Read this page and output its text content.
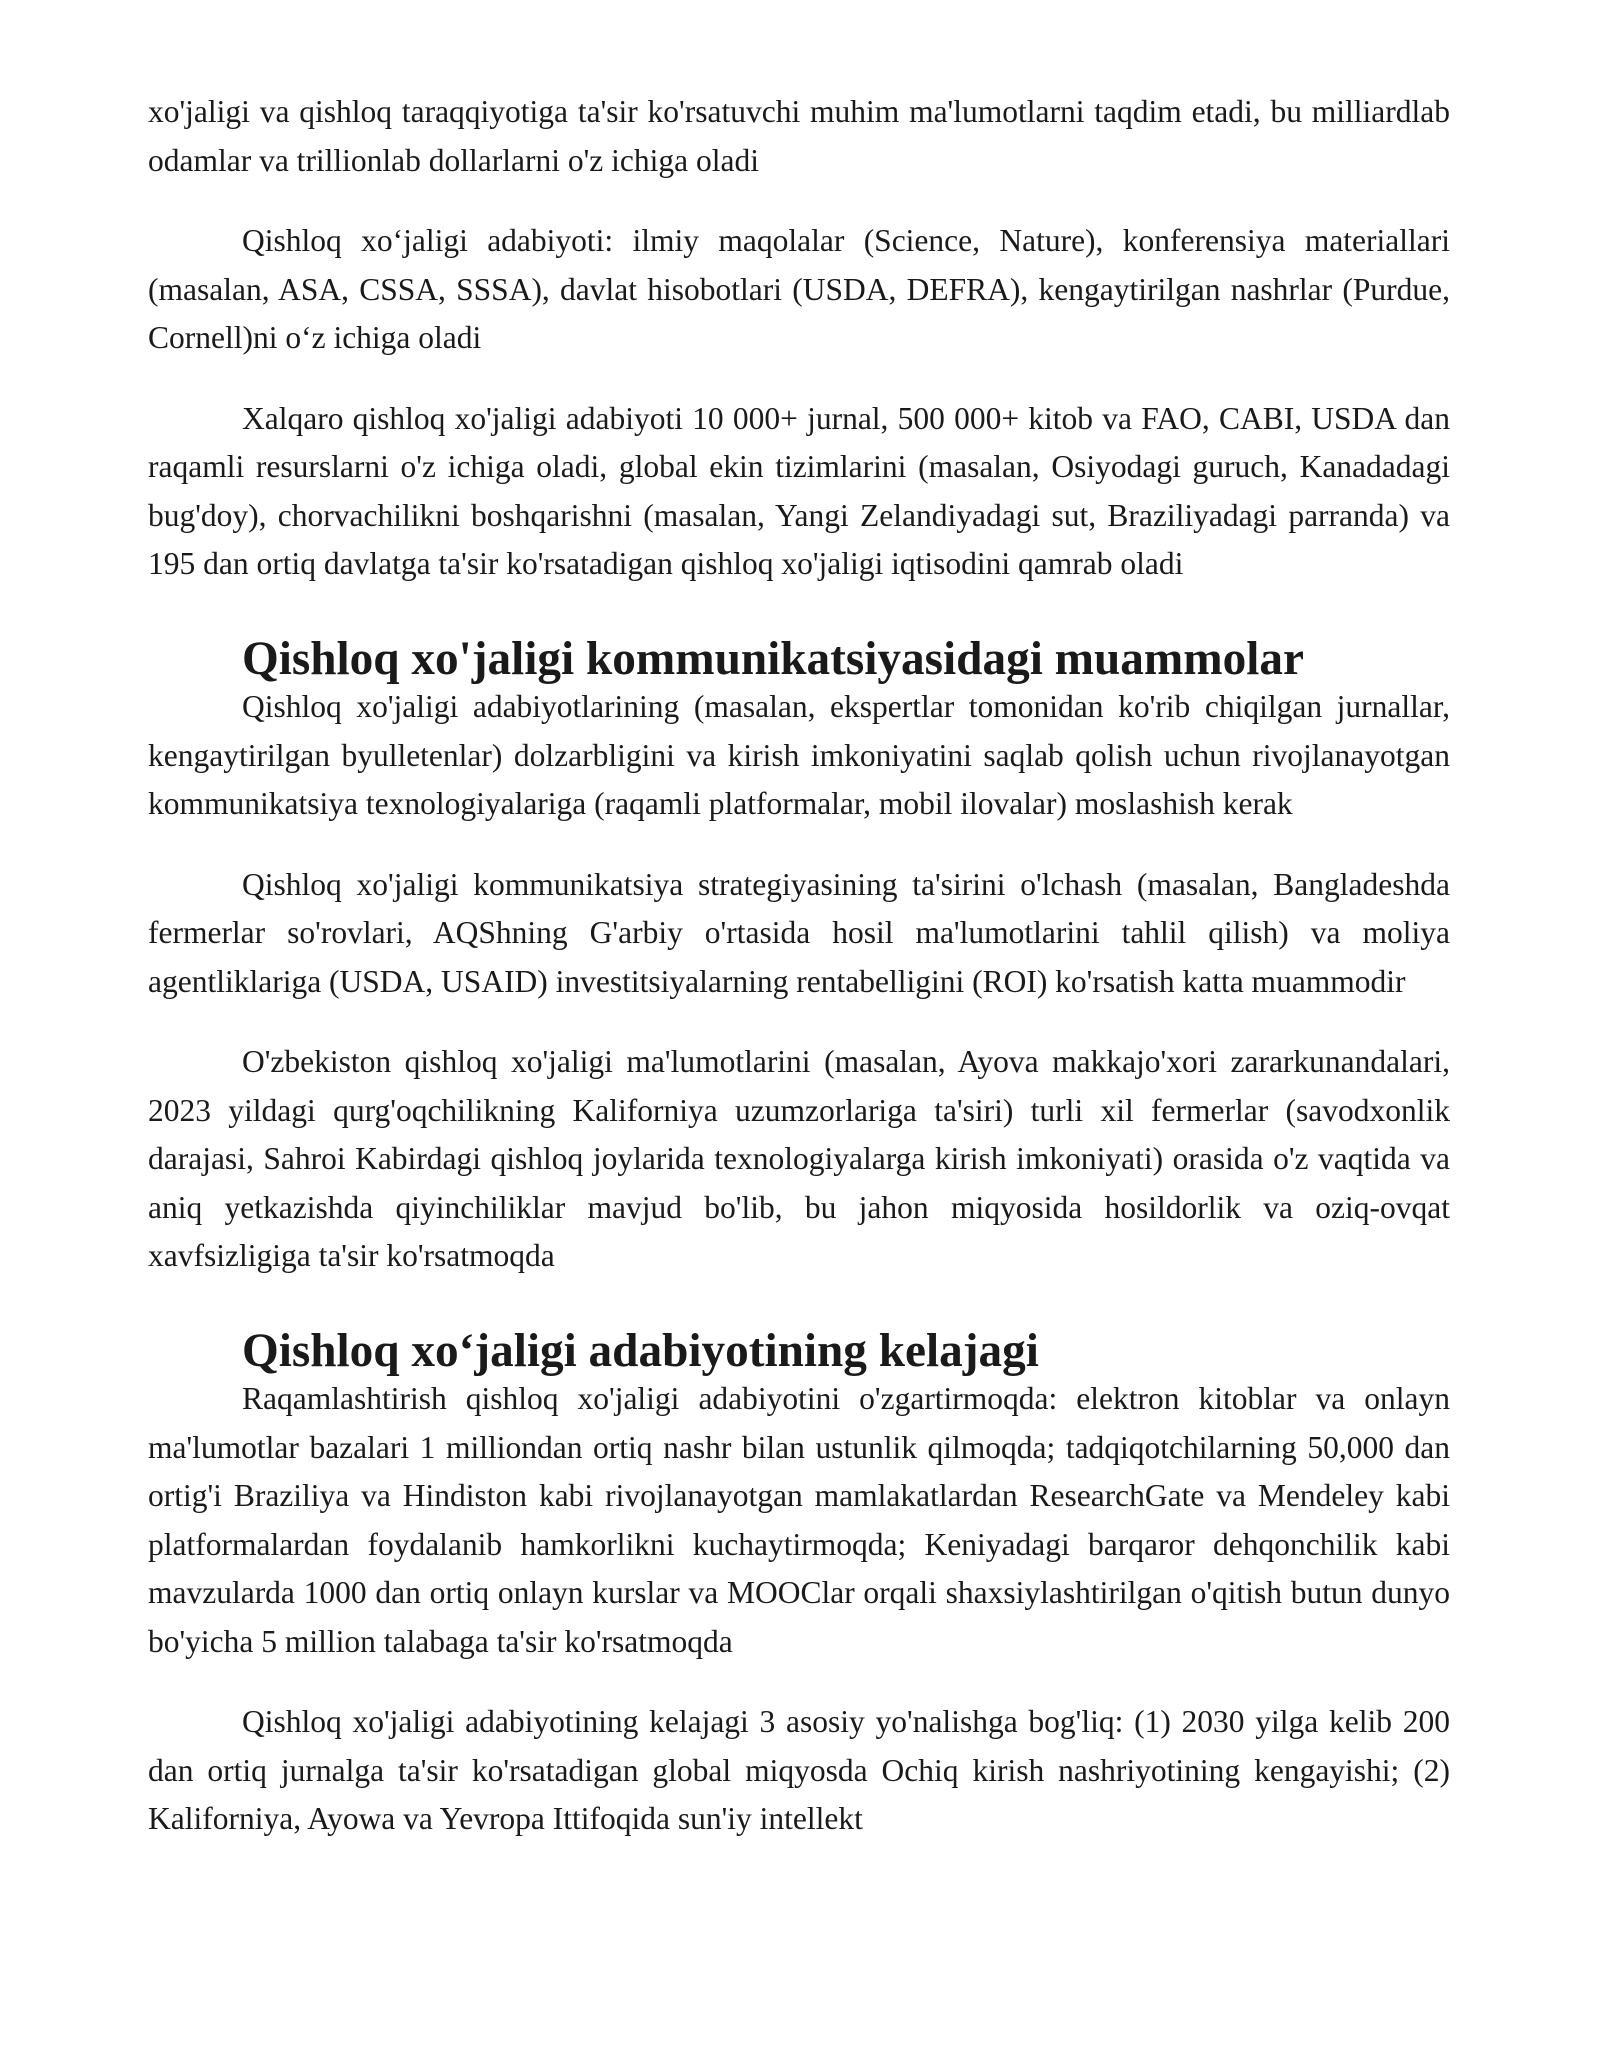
xo'jaligi va qishloq taraqqiyotiga ta'sir ko'rsatuvchi muhim ma'lumotlarni taqdim etadi, bu milliardlab odamlar va trillionlab dollarlarni o'z ichiga oladi

Qishloq xoʻjaligi adabiyoti: ilmiy maqolalar (Science, Nature), konferensiya materiallari (masalan, ASA, CSSA, SSSA), davlat hisobotlari (USDA, DEFRA), kengaytirilgan nashrlar (Purdue, Cornell)ni oʻz ichiga oladi

Xalqaro qishloq xo'jaligi adabiyoti 10 000+ jurnal, 500 000+ kitob va FAO, CABI, USDA dan raqamli resurslarni o'z ichiga oladi, global ekin tizimlarini (masalan, Osiyodagi guruch, Kanadadagi bug'doy), chorvachilikni boshqarishni (masalan, Yangi Zelandiyadagi sut, Braziliyadagi parranda) va 195 dan ortiq davlatga ta'sir ko'rsatadigan qishloq xo'jaligi iqtisodini qamrab oladi

Qishloq xo'jaligi kommunikatsiyasidagi muammolar

Qishloq xo'jaligi adabiyotlarining (masalan, ekspertlar tomonidan ko'rib chiqilgan jurnallar, kengaytirilgan byulletenlar) dolzarbligini va kirish imkoniyatini saqlab qolish uchun rivojlanayotgan kommunikatsiya texnologiyalariga (raqamli platformalar, mobil ilovalar) moslashish kerak

Qishloq xo'jaligi kommunikatsiya strategiyasining ta'sirini o'lchash (masalan, Bangladeshda fermerlar so'rovlari, AQShning G'arbiy o'rtasida hosil ma'lumotlarini tahlil qilish) va moliya agentliklariga (USDA, USAID) investitsiyalarning rentabelligini (ROI) ko'rsatish katta muammodir

O'zbekiston qishloq xo'jaligi ma'lumotlarini (masalan, Ayova makkajo'xori zararkunandalari, 2023 yildagi qurg'oqchilikning Kaliforniya uzumzorlariga ta'siri) turli xil fermerlar (savodxonlik darajasi, Sahroi Kabirdagi qishloq joylarida texnologiyalarga kirish imkoniyati) orasida o'z vaqtida va aniq yetkazishda qiyinchiliklar mavjud bo'lib, bu jahon miqyosida hosildorlik va oziq-ovqat xavfsizligiga ta'sir ko'rsatmoqda

Qishloq xoʻjaligi adabiyotining kelajagi

Raqamlashtirish qishloq xo'jaligi adabiyotini o'zgartirmoqda: elektron kitoblar va onlayn ma'lumotlar bazalari 1 milliondan ortiq nashr bilan ustunlik qilmoqda; tadqiqotchilarning 50,000 dan ortig'i Braziliya va Hindiston kabi rivojlanayotgan mamlakatlardan ResearchGate va Mendeley kabi platformalardan foydalanib hamkorlikni kuchaytirmoqda; Keniyadagi barqaror dehqonchilik kabi mavzularda 1000 dan ortiq onlayn kurslar va MOOClar orqali shaxsiylashtirilgan o'qitish butun dunyo bo'yicha 5 million talabaga ta'sir ko'rsatmoqda

Qishloq xo'jaligi adabiyotining kelajagi 3 asosiy yo'nalishga bog'liq: (1) 2030 yilga kelib 200 dan ortiq jurnalga ta'sir ko'rsatadigan global miqyosda Ochiq kirish nashriyotining kengayishi; (2) Kaliforniya, Ayowa va Yevropa Ittifoqida sun'iy intellekt
